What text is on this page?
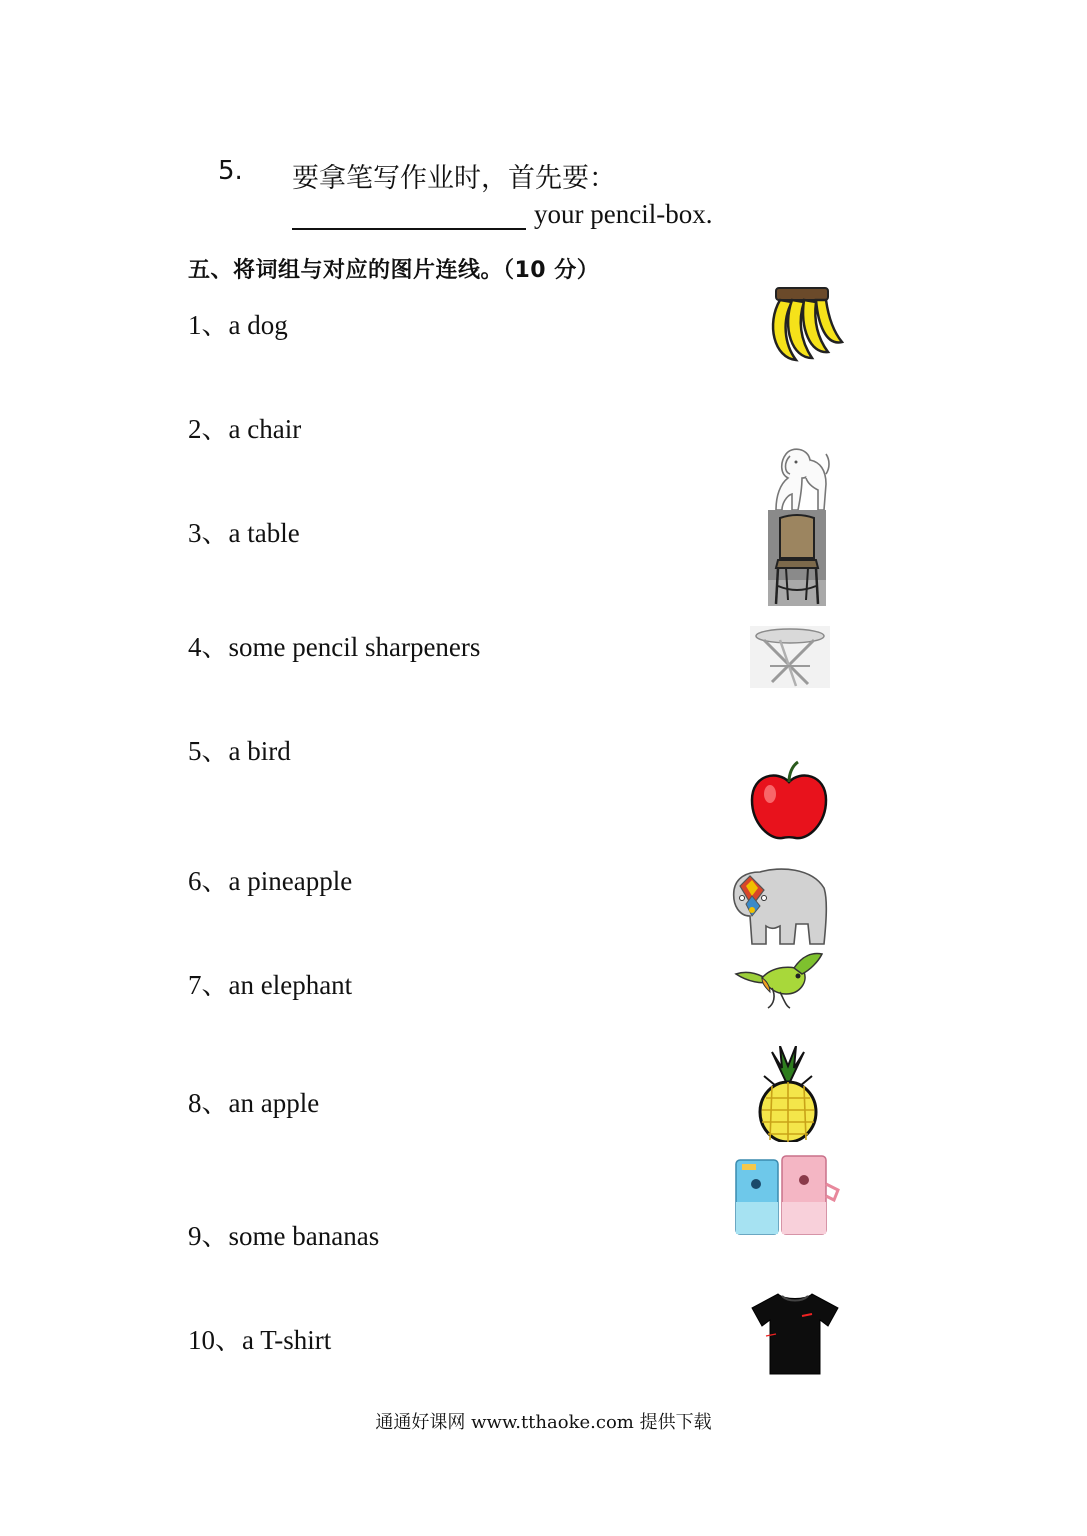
5. 要拿笔写作业时，首先要：
your pencil-box.
五、将词组与对应的图片连线。（10 分）
1、a dog
2、a chair
3、a table
4、some pencil sharpeners
5、a bird
6、a pineapple
7、an elephant
8、an apple
9、some bananas
10、a T-shirt
通通好课网 www.tthaoke.com 提供下载
